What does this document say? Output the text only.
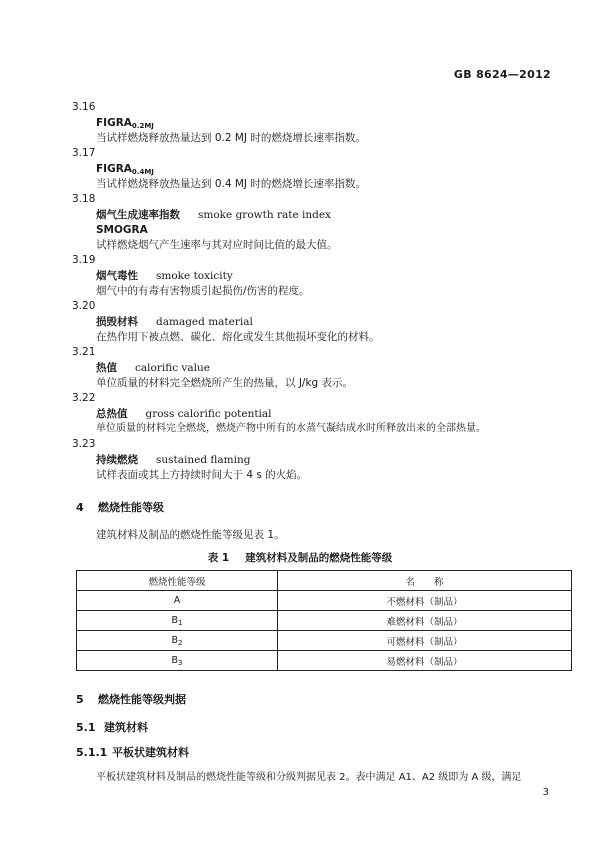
GB 8624—2012
3.16
$FIGRA_{0.2MJ}$
当试样燃烧释放热量达到 0.2 MJ 时的燃烧增长速率指数。
3.17
$FIGRA_{0.4MJ}$
当试样燃烧释放热量达到 0.4 MJ 时的燃烧增长速率指数。
3.18
烟气生成速率指数 smoke growth rate index
SMOGRA
试样燃烧烟气产生速率与其对应时间比值的最大值。
3.19
烟气毒性 smoke toxicity
烟气中的有毒有害物质引起损伤/伤害的程度。
3.20
损毁材料 damaged material
在热作用下被点燃、碳化、熔化或发生其他损坏变化的材料。
3.21
热值 calorific value
单位质量的材料完全燃烧所产生的热量，以 J/kg 表示。
3.22
总热值 gross calorific potential
单位质量的材料完全燃烧，燃烧产物中所有的水蒸气凝结成水时所释放出来的全部热量。
3.23
持续燃烧 sustained flaming
试样表面或其上方持续时间大于 4 s 的火焰。
4 燃烧性能等级
建筑材料及制品的燃烧性能等级见表 1。
表 1 建筑材料及制品的燃烧性能等级
燃烧性能等级	名　　称
A	不燃材料（制品）
$B_1$	难燃材料（制品）
$B_2$	可燃材料（制品）
$B_3$	易燃材料（制品）
5 燃烧性能等级判据
5.1 建筑材料
5.1.1 平板状建筑材料
平板状建筑材料及制品的燃烧性能等级和分级判据见表 2。表中满足 A1、A2 级即为 A 级，满足
3
